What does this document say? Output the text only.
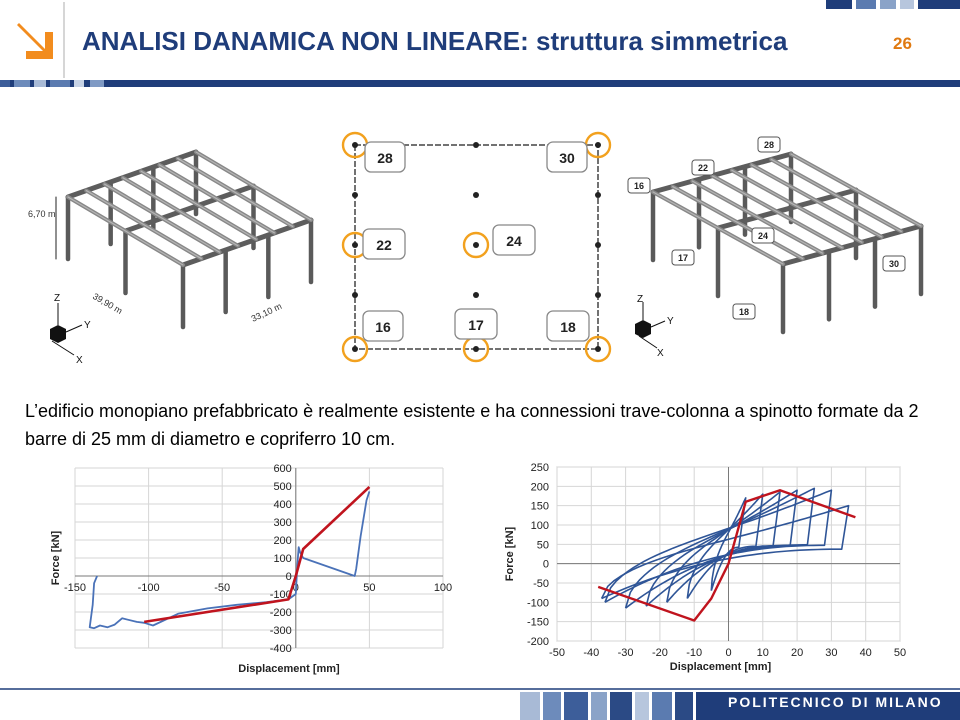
ANALISI DANAMICA NON LINEARE: struttura simmetrica	26
6,70 m
39,90 m	33,10 m
Z
Y
X
28	30
22	24
16	17	18
28
22
16
24
17
30
18
Z
Y
X
L’edificio monopiano prefabbricato è realmente esistente e ha connessioni trave-colonna a spinotto formate da 2 barre di 25 mm di diametro e copriferro 10 cm.
-400
-300
-200
-100
0
100
200
300
400
500
600
-150	-100	-50	0	50	100
Displacement [mm]
Force [kN]
-200
-150
-100
-50
0
50
100
150
200
250
-50 -40 -30 -20 -10 0 10 20 30 40 50
Displacement [mm]
Force [kN]
POLITECNICO DI MILANO
